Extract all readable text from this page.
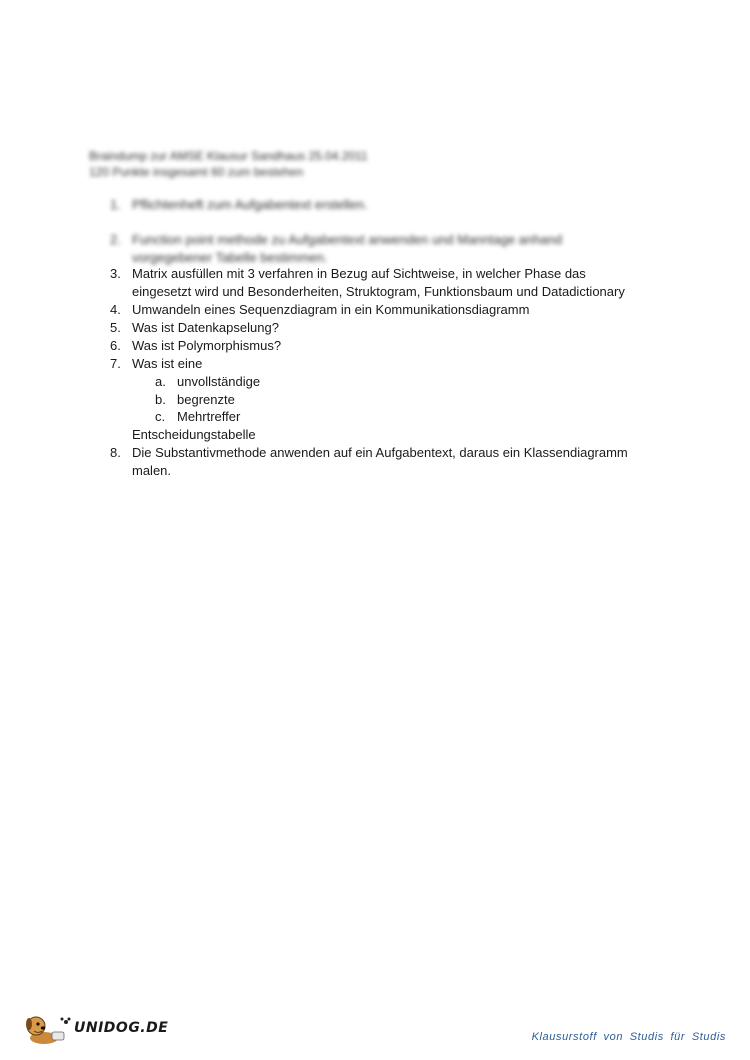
Braindump zur AMSE Klausur Sandhaus 25.04.2011
120 Punkte insgesamt 60 zum bestehen
1. Pflichtenheft zum Aufgabentext erstellen.
2. Function point methode zu Aufgabentext anwenden und Manntage anhand
vorgegebener Tabelle bestimmen.
3. Matrix ausfüllen mit 3 verfahren in Bezug auf Sichtweise, in welcher Phase das
eingesetzt wird und Besonderheiten, Struktogram, Funktionsbaum und Datadictionary
4. Umwandeln eines Sequenzdiagram in ein Kommunikationsdiagramm
5. Was ist Datenkapselung?
6. Was ist Polymorphismus?
7. Was ist eine
a. unvollständige
b. begrenzte
c. Mehrtreffer
Entscheidungstabelle
8. Die Substantivmethode anwenden auf ein Aufgabentext, daraus ein Klassendiagramm
malen.
UNIDOG.DE
Klausurstoff von Studis für Studis
